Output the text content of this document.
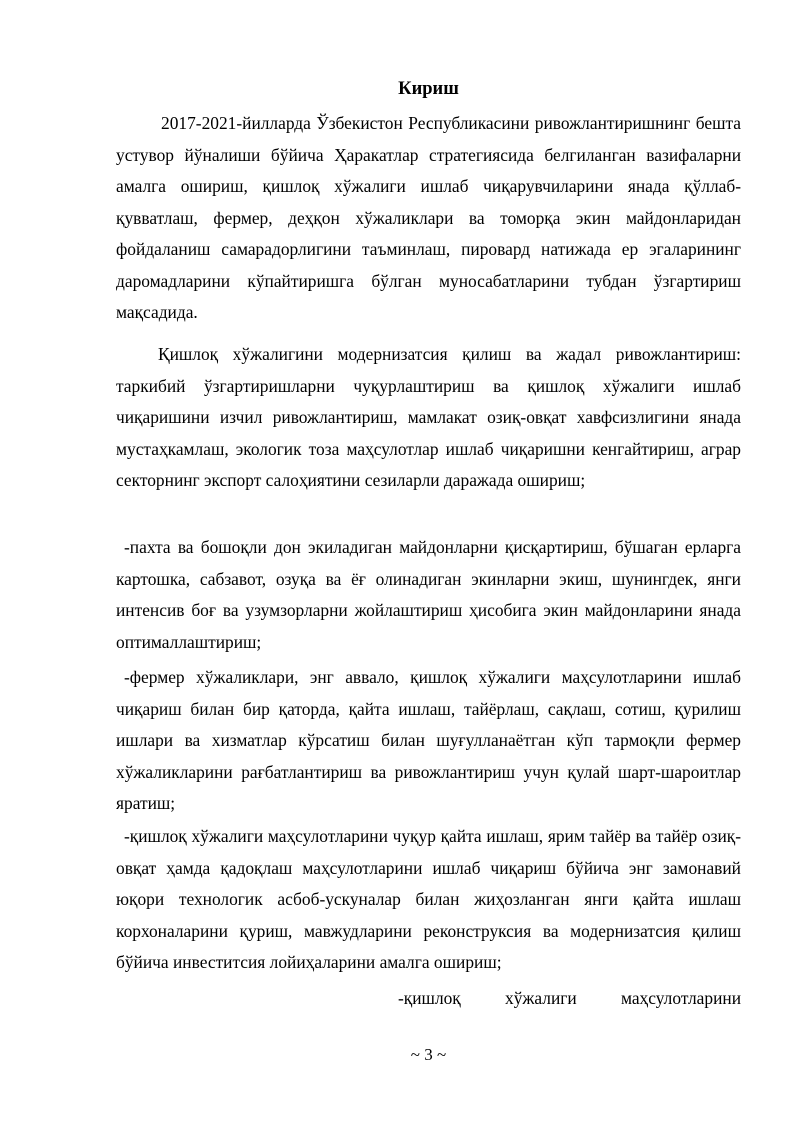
Кириш

2017-2021-йилларда Ўзбекистон Республикасини ривожлантиришнинг бешта устувор йўналиши бўйича Ҳаракатлар стратегиясида белгиланган вазифаларни амалга ошириш, қишлоқ хўжалиги ишлаб чиқарувчиларини янада қўллаб-қувватлаш, фермер, деҳқон хўжаликлари ва томорқа экин майдонларидан фойдаланиш самарадорлигини таъминлаш, пировард натижада ер эгаларининг даромадларини кўпайтиришга бўлган муносабатларини тубдан ўзгартириш мақсадида.

Қишлоқ хўжалигини модернизатсия қилиш ва жадал ривожлантириш: таркибий ўзгартиришларни чуқурлаштириш ва қишлоқ хўжалиги ишлаб чиқаришини изчил ривожлантириш, мамлакат озиқ-овқат хавфсизлигини янада мустаҳкамлаш, экологик тоза маҳсулотлар ишлаб чиқаришни кенгайтириш, аграр секторнинг экспорт салоҳиятини сезиларли даражада ошириш;

-пахта ва бошоқли дон экиладиган майдонларни қисқартириш, бўшаган ерларга картошка, сабзавот, озуқа ва ёғ олинадиган экинларни экиш, шунингдек, янги интенсив боғ ва узумзорларни жойлаштириш ҳисобига экин майдонларини янада оптималлаштириш;

-фермер хўжаликлари, энг аввало, қишлоқ хўжалиги маҳсулотларини ишлаб чиқариш билан бир қаторда, қайта ишлаш, тайёрлаш, сақлаш, сотиш, қурилиш ишлари ва хизматлар кўрсатиш билан шуғулланаётган кўп тармоқли фермер хўжаликларини рағбатлантириш ва ривожлантириш учун қулай шарт-шароитлар яратиш;

-қишлоқ хўжалиги маҳсулотларини чуқур қайта ишлаш, ярим тайёр ва тайёр озиқ-овқат ҳамда қадоқлаш маҳсулотларини ишлаб чиқариш бўйича энг замонавий юқори технологик асбоб-ускуналар билан жиҳозланган янги қайта ишлаш корхоналарини қуриш, мавжудларини реконструксия ва модернизатсия қилиш бўйича инвеститсия лойиҳаларини амалга ошириш;

-қишлоқ хўжалиги маҳсулотларини

~ 3 ~
